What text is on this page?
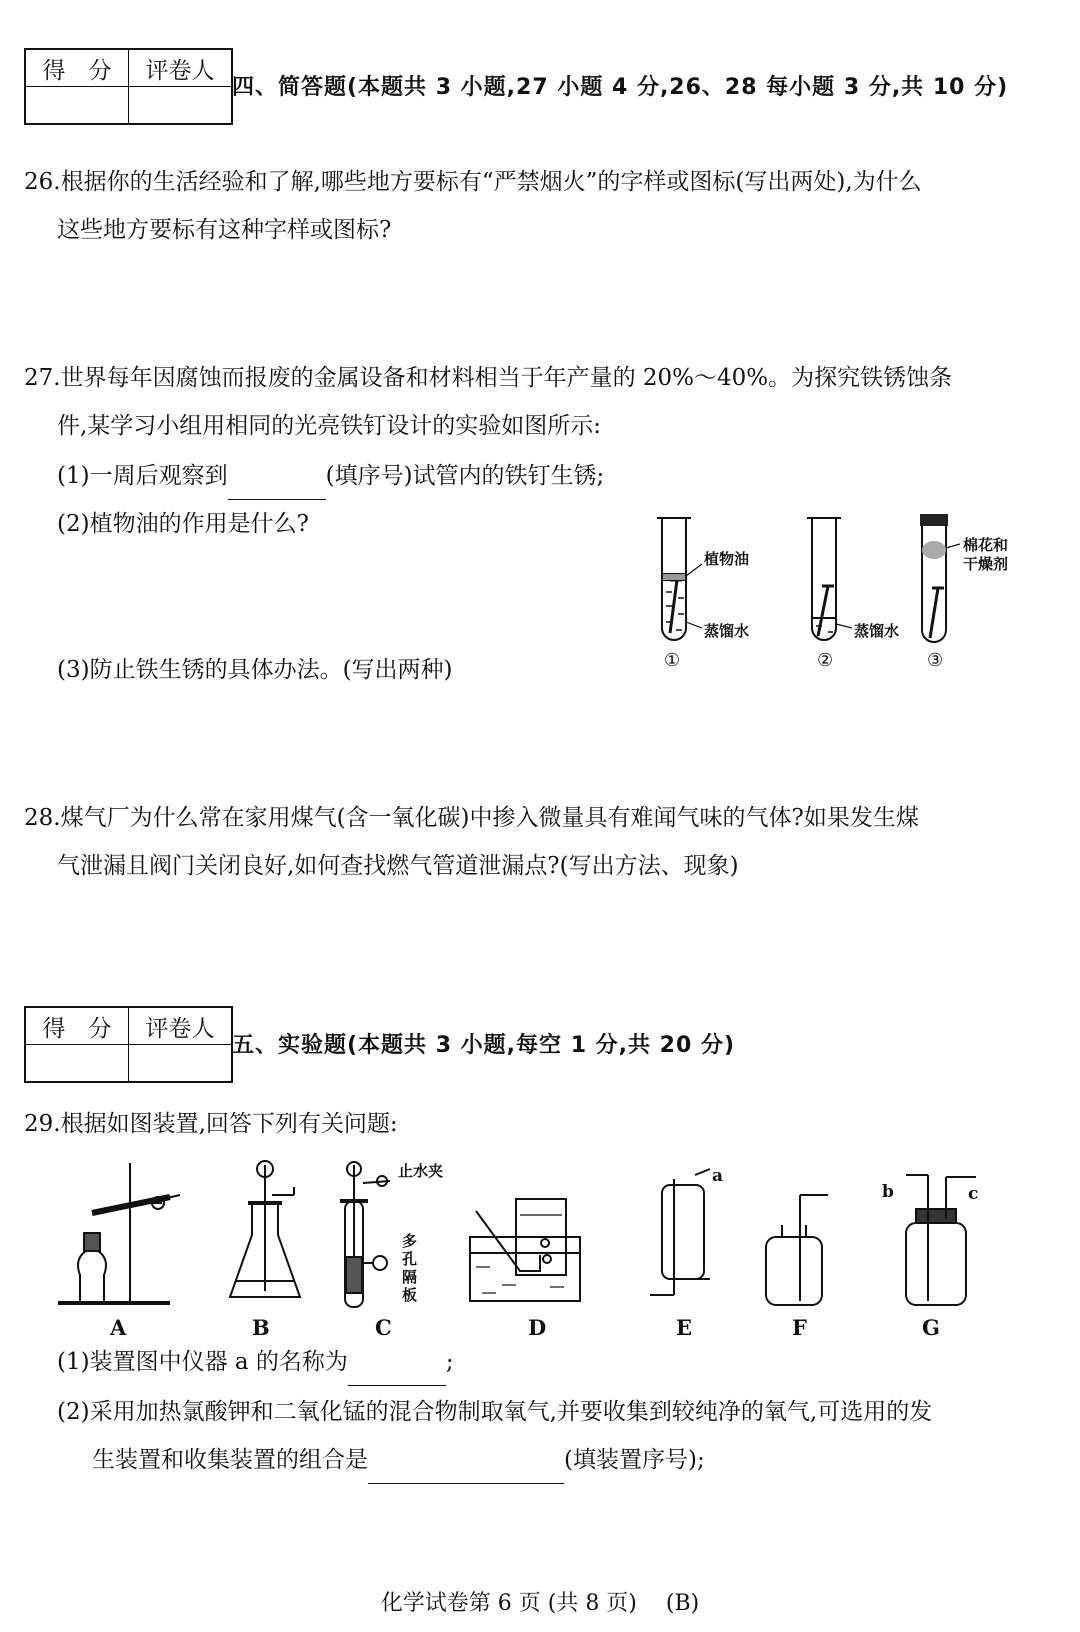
得　分	评卷人

四、简答题(本题共 3 小题,27 小题 4 分,26、28 每小题 3 分,共 10 分)
26.根据你的生活经验和了解,哪些地方要标有“严禁烟火”的字样或图标(写出两处),为什么
这些地方要标有这种字样或图标?
27.世界每年因腐蚀而报废的金属设备和材料相当于年产量的 20%～40%。为探究铁锈蚀条
件,某学习小组用相同的光亮铁钉设计的实验如图所示:
(1)一周后观察到	(填序号)试管内的铁钉生锈;
(2)植物油的作用是什么?
(3)防止铁生锈的具体办法。(写出两种)
植物油
蒸馏水	蒸馏水
棉花和
干燥剂
①	②	③
28.煤气厂为什么常在家用煤气(含一氧化碳)中掺入微量具有难闻气味的气体?如果发生煤
气泄漏且阀门关闭良好,如何查找燃气管道泄漏点?(写出方法、现象)
得　分	评卷人

五、实验题(本题共 3 小题,每空 1 分,共 20 分)
29.根据如图装置,回答下列有关问题:
止水夹
多
孔
隔
板
a
b	c
A	B	C	D	E	F	G
(1)装置图中仪器 a 的名称为	;
(2)采用加热氯酸钾和二氧化锰的混合物制取氧气,并要收集到较纯净的氧气,可选用的发
生装置和收集装置的组合是	(填装置序号);
化学试卷第 6 页 (共 8 页)　 (B)
